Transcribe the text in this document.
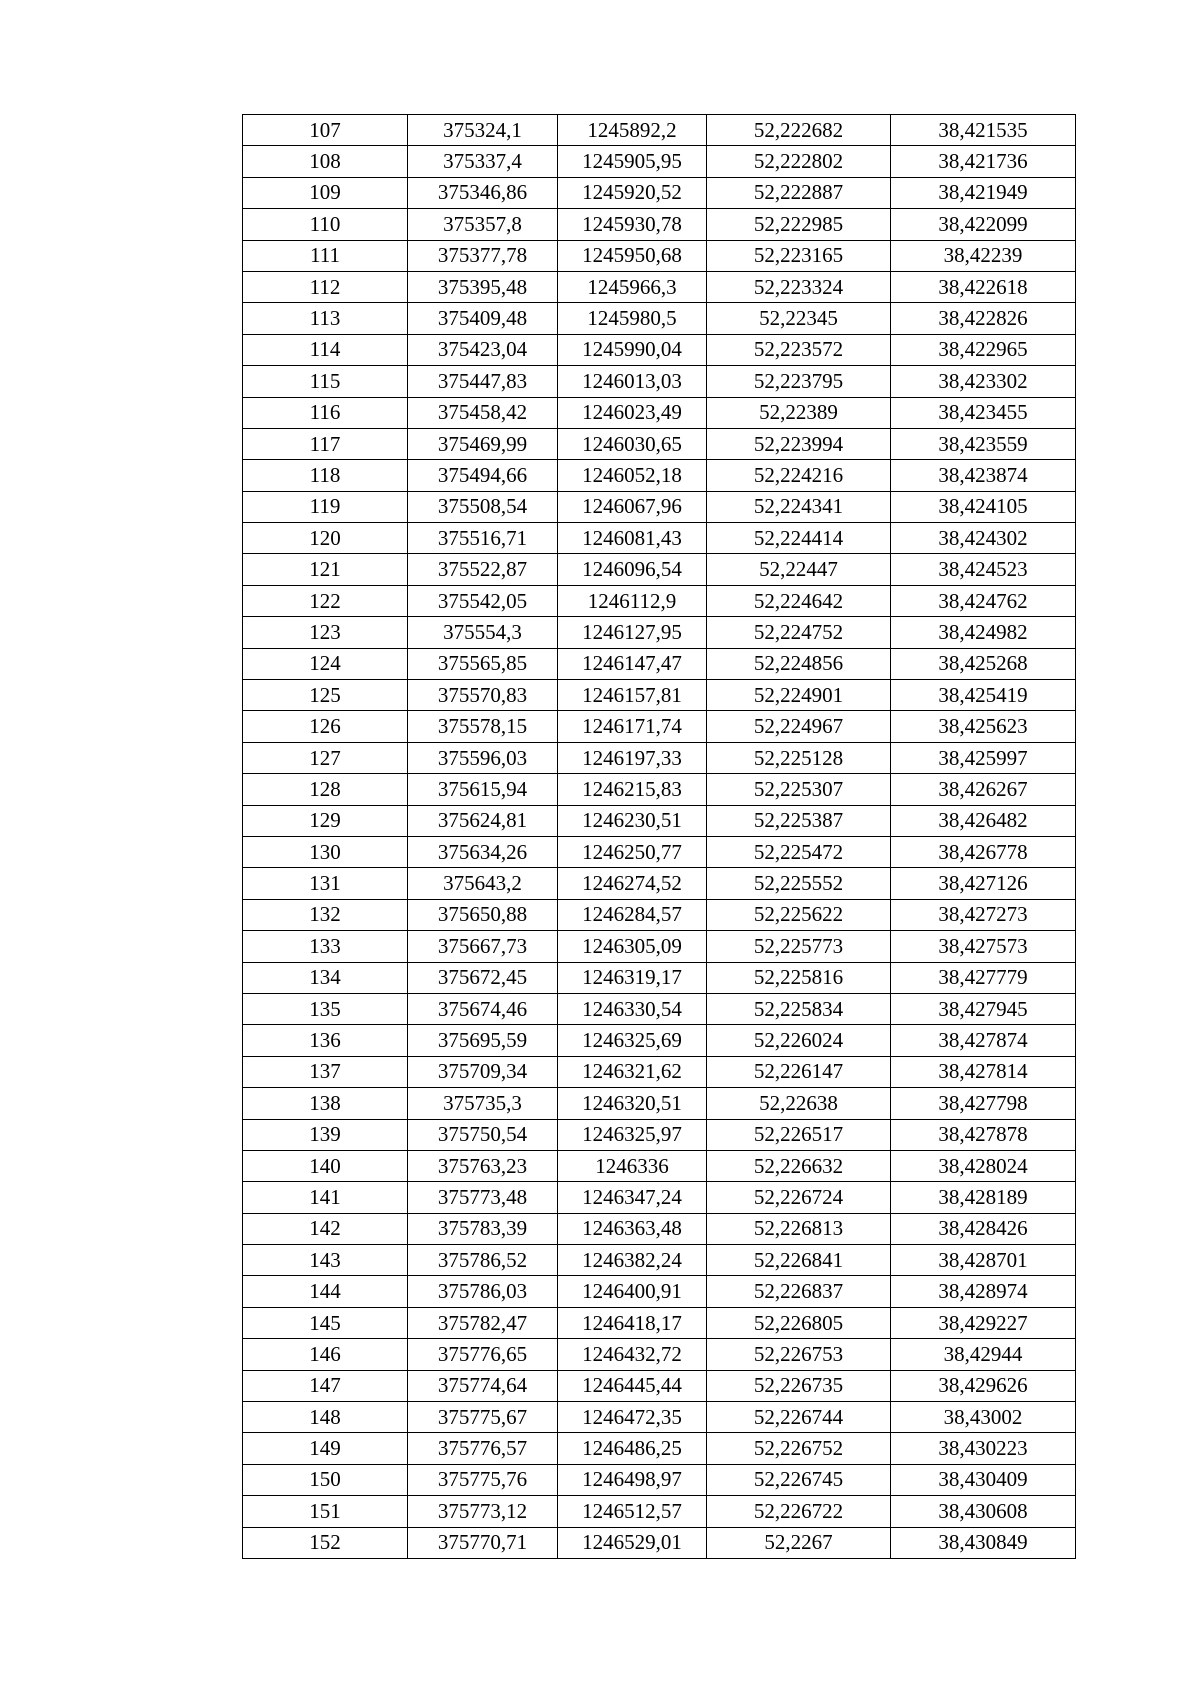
107	375324,1	1245892,2	52,222682	38,421535
108	375337,4	1245905,95	52,222802	38,421736
109	375346,86	1245920,52	52,222887	38,421949
110	375357,8	1245930,78	52,222985	38,422099
111	375377,78	1245950,68	52,223165	38,42239
112	375395,48	1245966,3	52,223324	38,422618
113	375409,48	1245980,5	52,22345	38,422826
114	375423,04	1245990,04	52,223572	38,422965
115	375447,83	1246013,03	52,223795	38,423302
116	375458,42	1246023,49	52,22389	38,423455
117	375469,99	1246030,65	52,223994	38,423559
118	375494,66	1246052,18	52,224216	38,423874
119	375508,54	1246067,96	52,224341	38,424105
120	375516,71	1246081,43	52,224414	38,424302
121	375522,87	1246096,54	52,22447	38,424523
122	375542,05	1246112,9	52,224642	38,424762
123	375554,3	1246127,95	52,224752	38,424982
124	375565,85	1246147,47	52,224856	38,425268
125	375570,83	1246157,81	52,224901	38,425419
126	375578,15	1246171,74	52,224967	38,425623
127	375596,03	1246197,33	52,225128	38,425997
128	375615,94	1246215,83	52,225307	38,426267
129	375624,81	1246230,51	52,225387	38,426482
130	375634,26	1246250,77	52,225472	38,426778
131	375643,2	1246274,52	52,225552	38,427126
132	375650,88	1246284,57	52,225622	38,427273
133	375667,73	1246305,09	52,225773	38,427573
134	375672,45	1246319,17	52,225816	38,427779
135	375674,46	1246330,54	52,225834	38,427945
136	375695,59	1246325,69	52,226024	38,427874
137	375709,34	1246321,62	52,226147	38,427814
138	375735,3	1246320,51	52,22638	38,427798
139	375750,54	1246325,97	52,226517	38,427878
140	375763,23	1246336	52,226632	38,428024
141	375773,48	1246347,24	52,226724	38,428189
142	375783,39	1246363,48	52,226813	38,428426
143	375786,52	1246382,24	52,226841	38,428701
144	375786,03	1246400,91	52,226837	38,428974
145	375782,47	1246418,17	52,226805	38,429227
146	375776,65	1246432,72	52,226753	38,42944
147	375774,64	1246445,44	52,226735	38,429626
148	375775,67	1246472,35	52,226744	38,43002
149	375776,57	1246486,25	52,226752	38,430223
150	375775,76	1246498,97	52,226745	38,430409
151	375773,12	1246512,57	52,226722	38,430608
152	375770,71	1246529,01	52,2267	38,430849
